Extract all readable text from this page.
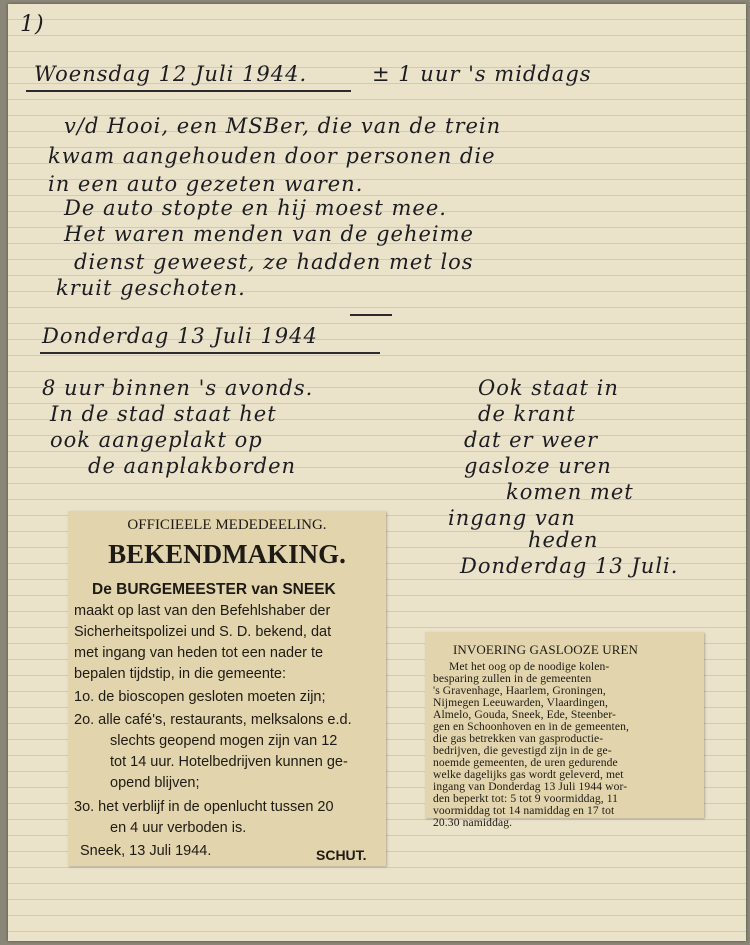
1)
Woensdag 12 Juli 1944.	± 1 uur 's middags
v/d Hooi, een MSBer, die van de trein
kwam aangehouden door personen die
in een auto gezeten waren.
De auto stopte en hij moest mee.
Het waren menden van de geheime
dienst geweest, ze hadden met los
kruit geschoten.
Donderdag 13 Juli 1944
8 uur binnen 's avonds.
In de stad staat het
ook aangeplakt op
de aanplakborden
Ook staat in
de krant
dat er weer
gasloze uren
komen met
ingang van
heden
Donderdag 13 Juli.
OFFICIEELE MEDEDEELING.
BEKENDMAKING.
De BURGEMEESTER van SNEEK
maakt op last van den Befehlshaber der
Sicherheitspolizei und S. D. bekend, dat
met ingang van heden tot een nader te
bepalen tijdstip, in die gemeente:
1o. de bioscopen gesloten moeten zijn;
2o. alle café's, restaurants, melksalons e.d.
slechts geopend mogen zijn van 12
tot 14 uur. Hotelbedrijven kunnen ge-
opend blijven;
3o. het verblijf in de openlucht tussen 20
en 4 uur verboden is.
Sneek, 13 Juli 1944.	SCHUT.
INVOERING GASLOOZE UREN
Met het oog op de noodige kolen-
besparing zullen in de gemeenten
's Gravenhage, Haarlem, Groningen,
Nijmegen Leeuwarden, Vlaardingen,
Almelo, Gouda, Sneek, Ede, Steenber-
gen en Schoonhoven en in de gemeenten,
die gas betrekken van gasproductie-
bedrijven, die gevestigd zijn in de ge-
noemde gemeenten, de uren gedurende
welke dagelijks gas wordt geleverd, met
ingang van Donderdag 13 Juli 1944 wor-
den beperkt tot: 5 tot 9 voormiddag, 11
voormiddag tot 14 namiddag en 17 tot
20.30 namiddag.
